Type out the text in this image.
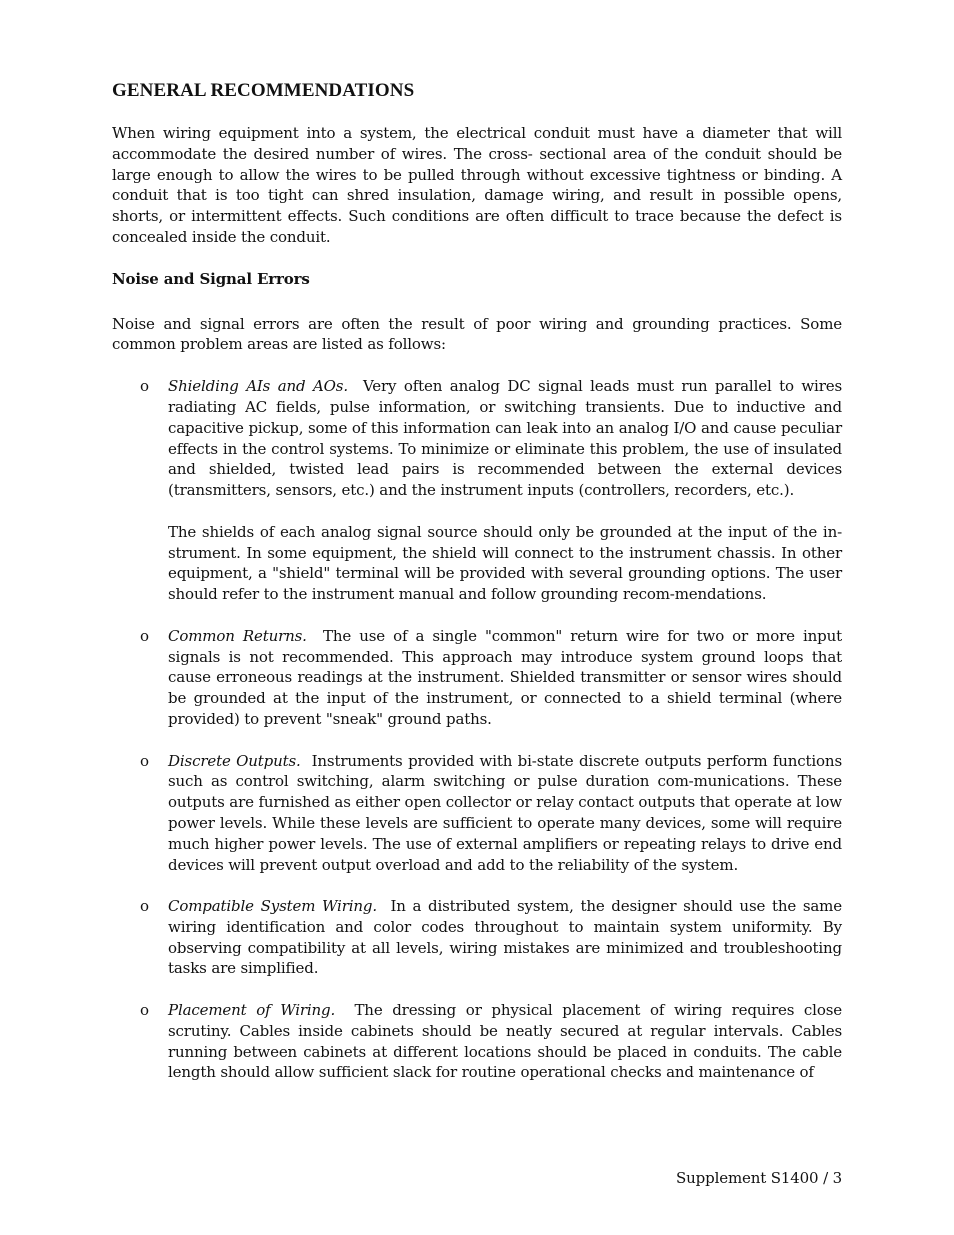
GENERAL RECOMMENDATIONS

When wiring equipment into a system, the electrical conduit must have a diameter that will accommodate the desired number of wires. The cross- sectional area of the conduit should be large enough to allow the wires to be pulled through without excessive tightness or binding. A conduit that is too tight can shred insulation, damage wiring, and result in possible opens, shorts, or intermittent effects. Such conditions are often difficult to trace because the defect is concealed inside the conduit.

Noise and Signal Errors

Noise and signal errors are often the result of poor wiring and grounding practices. Some common problem areas are listed as follows:

o Shielding AIs and AOs. Very often analog DC signal leads must run parallel to wires radiating AC fields, pulse information, or switching transients. Due to inductive and capacitive pickup, some of this information can leak into an analog I/O and cause peculiar effects in the control systems. To minimize or eliminate this problem, the use of insulated and shielded, twisted lead pairs is recommended between the external devices (transmitters, sensors, etc.) and the instrument inputs (controllers, recorders, etc.).

The shields of each analog signal source should only be grounded at the input of the in-strument. In some equipment, the shield will connect to the instrument chassis. In other equipment, a "shield" terminal will be provided with several grounding options. The user should refer to the instrument manual and follow grounding recom-mendations.

o Common Returns. The use of a single "common" return wire for two or more input signals is not recommended. This approach may introduce system ground loops that cause erroneous readings at the instrument. Shielded transmitter or sensor wires should be grounded at the input of the instrument, or connected to a shield terminal (where provided) to prevent "sneak" ground paths.

o Discrete Outputs. Instruments provided with bi-state discrete outputs perform functions such as control switching, alarm switching or pulse duration com-munications. These outputs are furnished as either open collector or relay contact outputs that operate at low power levels. While these levels are sufficient to operate many devices, some will require much higher power levels. The use of external amplifiers or repeating relays to drive end devices will prevent output overload and add to the reliability of the system.

o Compatible System Wiring. In a distributed system, the designer should use the same wiring identification and color codes throughout to maintain system uniformity. By observing compatibility at all levels, wiring mistakes are minimized and troubleshooting tasks are simplified.

o Placement of Wiring. The dressing or physical placement of wiring requires close scrutiny. Cables inside cabinets should be neatly secured at regular intervals. Cables running between cabinets at different locations should be placed in conduits. The cable length should allow sufficient slack for routine operational checks and maintenance of

Supplement S1400 / 3
